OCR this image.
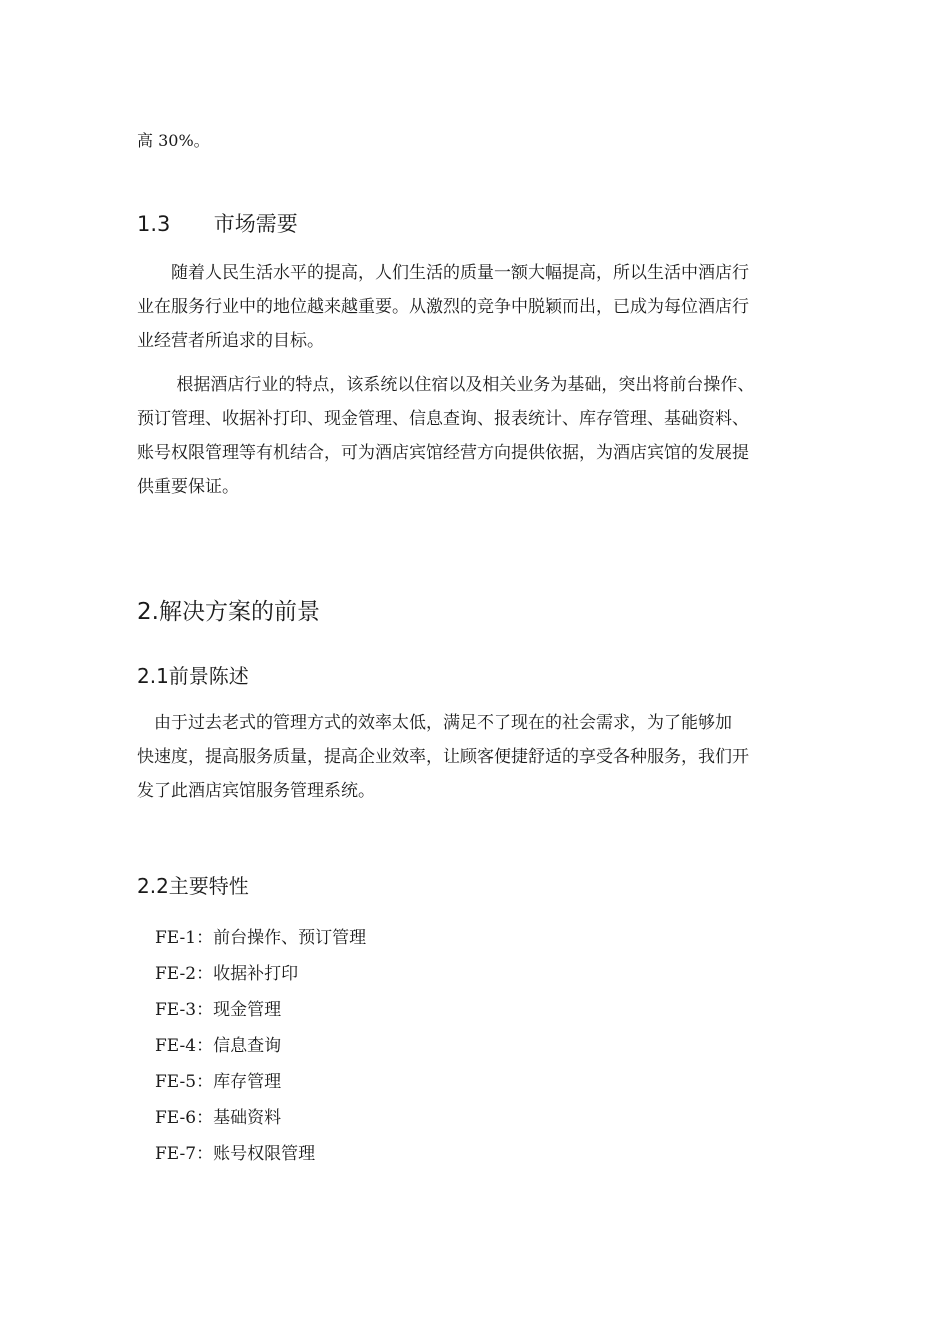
高 30%。
1.3 市场需要

　　随着人民生活水平的提高，人们生活的质量一额大幅提高，所以生活中酒店行

业在服务行业中的地位越来越重要。从激烈的竞争中脱颖而出，已成为每位酒店行

业经营者所追求的目标。

　　 根据酒店行业的特点，该系统以住宿以及相关业务为基础，突出将前台操作、

预订管理、收据补打印、现金管理、信息查询、报表统计、库存管理、基础资料、

账号权限管理等有机结合，可为酒店宾馆经营方向提供依据，为酒店宾馆的发展提

供重要保证。

2.解决方案的前景
2.1前景陈述

　由于过去老式的管理方式的效率太低，满足不了现在的社会需求，为了能够加

快速度，提高服务质量，提高企业效率，让顾客便捷舒适的享受各种服务，我们开

发了此酒店宾馆服务管理系统。

2.2主要特性
FE-1：前台操作、预订管理
FE-2：收据补打印
FE-3：现金管理
FE-4：信息查询
FE-5：库存管理
FE-6：基础资料
FE-7：账号权限管理
